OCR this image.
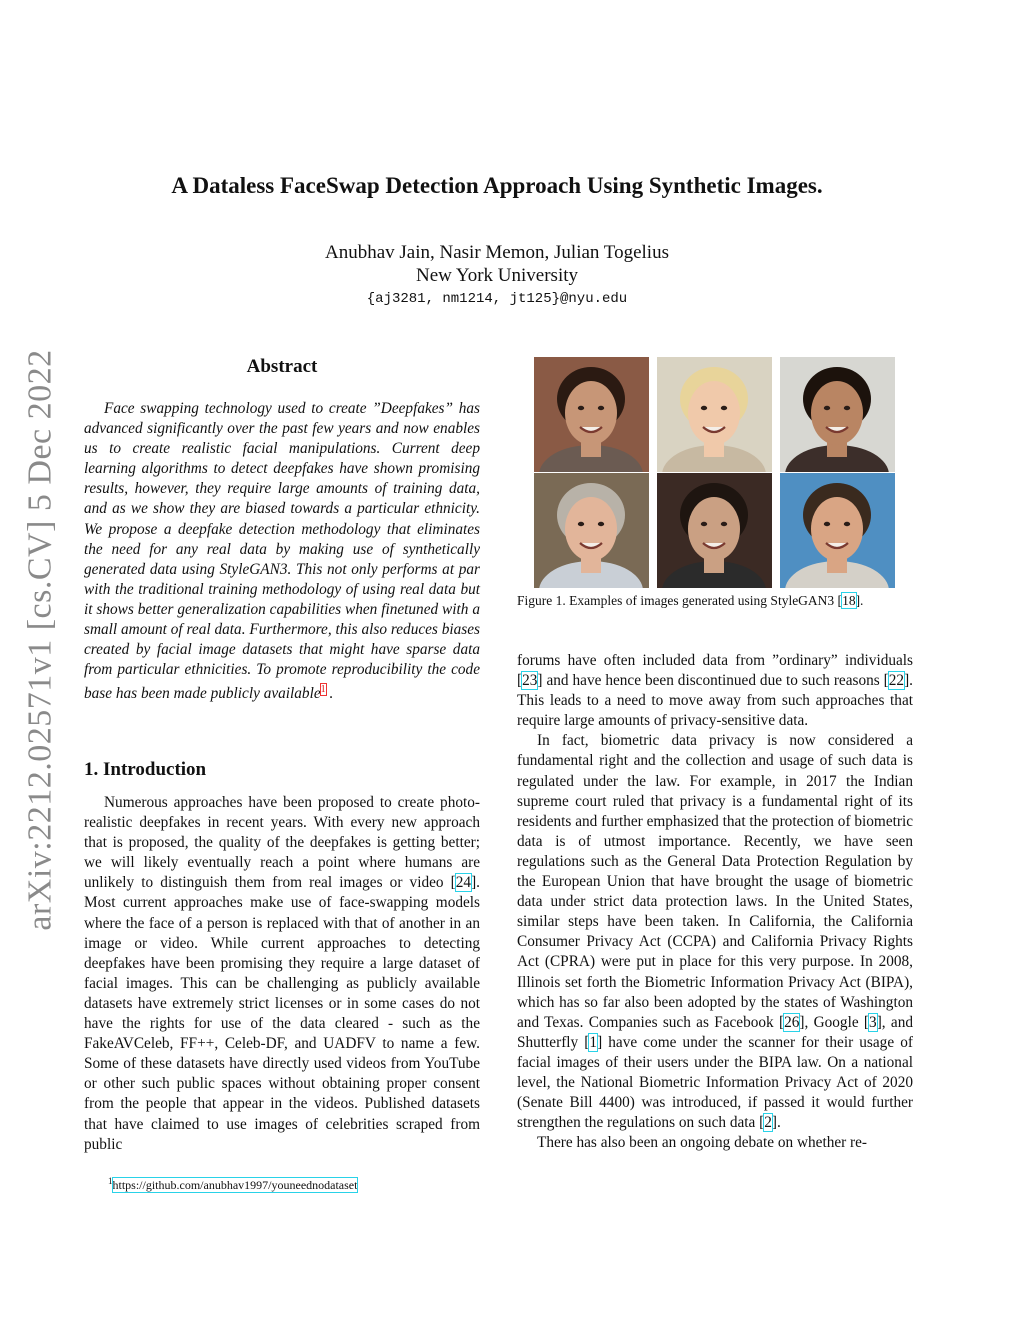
arXiv:2212.02571v1 [cs.CV] 5 Dec 2022
A Dataless FaceSwap Detection Approach Using Synthetic Images.
Anubhav Jain, Nasir Memon, Julian Togelius
New York University
{aj3281, nm1214, jt125}@nyu.edu
Abstract

Face swapping technology used to create ”Deepfakes” has advanced significantly over the past few years and now enables us to create realistic facial manipulations. Current deep learning algorithms to detect deepfakes have shown promising results, however, they require large amounts of training data, and as we show they are biased towards a particular ethnicity. We propose a deepfake detection methodology that eliminates the need for any real data by making use of synthetically generated data using StyleGAN3. This not only performs at par with the traditional training methodology of using real data but it shows better generalization capabilities when finetuned with a small amount of real data. Furthermore, this also reduces biases created by facial image datasets that might have sparse data from particular ethnicities. To promote reproducibility the code base has been made publicly available$^1$ .

1. Introduction

Numerous approaches have been proposed to create photo-realistic deepfakes in recent years. With every new approach that is proposed, the quality of the deepfakes is getting better; we will likely eventually reach a point where humans are unlikely to distinguish them from real images or video [24]. Most current approaches make use of face-swapping models where the face of a person is replaced with that of another in an image or video. While current approaches to detecting deepfakes have been promising they require a large dataset of facial images. This can be challenging as publicly available datasets have extremely strict licenses or in some cases do not have the rights for use of the data cleared - such as the FakeAVCeleb, FF++, Celeb-DF, and UADFV to name a few. Some of these datasets have directly used videos from YouTube or other such public spaces without obtaining proper consent from the people that appear in the videos. Published datasets that have claimed to use images of celebrities scraped from public

$^1$https://github.com/anubhav1997/youneednodataset
Figure 1. Examples of images generated using StyleGAN3 [18].

forums have often included data from ”ordinary” individuals [23] and have hence been discontinued due to such reasons [22]. This leads to a need to move away from such approaches that require large amounts of privacy-sensitive data.

In fact, biometric data privacy is now considered a fundamental right and the collection and usage of such data is regulated under the law. For example, in 2017 the Indian supreme court ruled that privacy is a fundamental right of its residents and further emphasized that the protection of biometric data is of utmost importance. Recently, we have seen regulations such as the General Data Protection Regulation by the European Union that have brought the usage of biometric data under strict data protection laws. In the United States, similar steps have been taken. In California, the California Consumer Privacy Act (CCPA) and California Privacy Rights Act (CPRA) were put in place for this very purpose. In 2008, Illinois set forth the Biometric Information Privacy Act (BIPA), which has so far also been adopted by the states of Washington and Texas. Companies such as Facebook [26], Google [3], and Shutterfly [1] have come under the scanner for their usage of facial images of their users under the BIPA law. On a national level, the National Biometric Information Privacy Act of 2020 (Senate Bill 4400) was introduced, if passed it would further strengthen the regulations on such data [2].

There has also been an ongoing debate on whether re-
